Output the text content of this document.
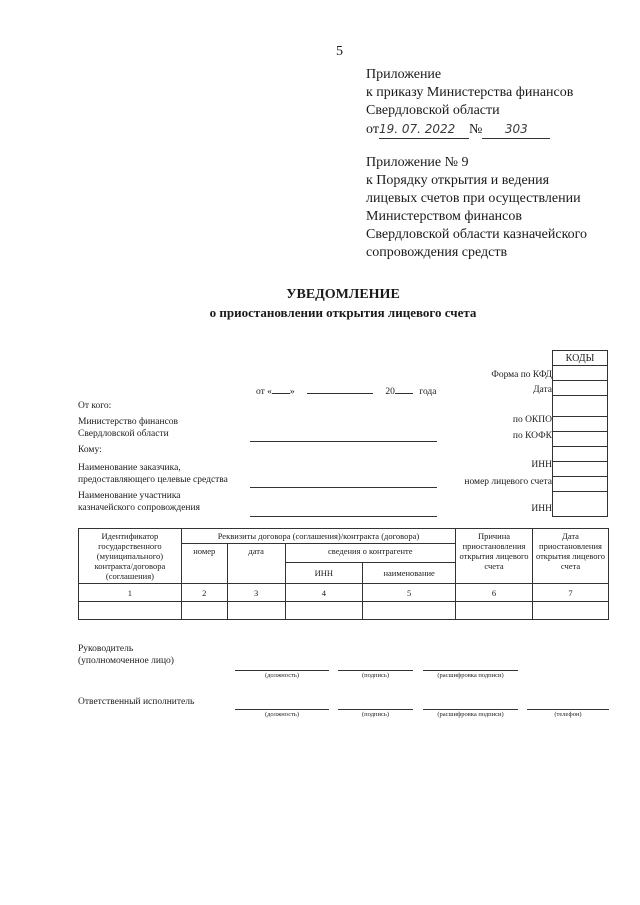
5
Приложение
к приказу Министерства финансов
Свердловской области
от19. 07. 2022 № 303
Приложение № 9
к Порядку открытия и ведения
лицевых счетов при осуществлении
Министерством финансов
Свердловской области казначейского
сопровождения средств
УВЕДОМЛЕНИЕ
о приостановлении открытия лицевого счета
КОДЫ

Форма по КФД
Дата
от « »	20	года
От кого:
Министерство финансов
Свердловской области
по ОКПО
по КОФК
Кому:
Наименование заказчика,
предоставляющего целевые средства
ИНН
номер лицевого счета
Наименование участника
казначейского сопровождения	ИНН
Идентификатор государственного (муниципального) контракта/договора (соглашения)	Реквизиты договора (соглашения)/контракта (договора)				Причина приостановления открытия лицевого счета	Дата приостановления открытия лицевого счета
	номер	дата	сведения о контрагенте			
			ИНН	наименование		
1	2	3	4	5	6	7

Руководитель
(уполномоченное лицо)
(должность)	(подпись)	(расшифровка подписи)
Ответственный исполнитель
(должность)	(подпись)	(расшифровка подписи)	(телефон)
